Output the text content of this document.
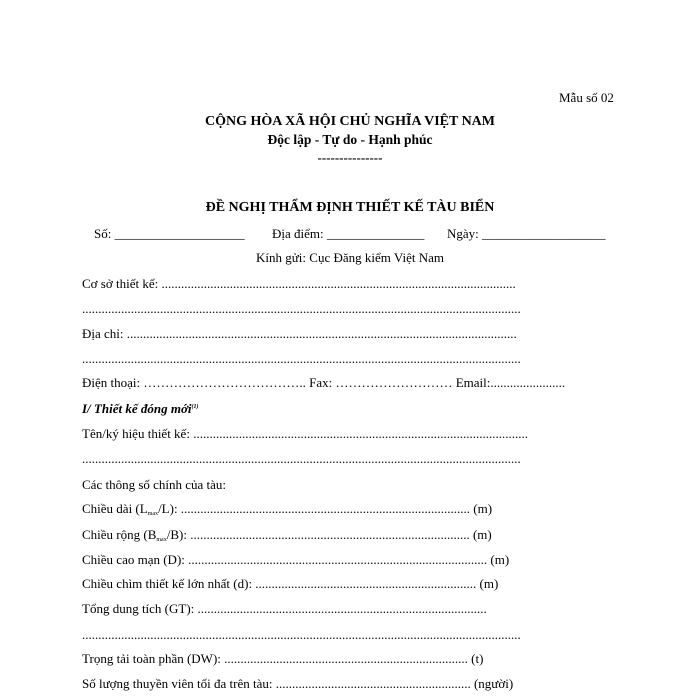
Mẫu số 02
CỘNG HÒA XÃ HỘI CHỦ NGHĨA VIỆT NAM
Độc lập - Tự do - Hạnh phúc
---------------
ĐỀ NGHỊ THẨM ĐỊNH THIẾT KẾ TÀU BIỂN
Số: ____________________ Địa điểm: _______________ Ngày: ___________________
Kính gửi: Cục Đăng kiểm Việt Nam
Cơ sở thiết kế: .............................................................................................................
.......................................................................................................................................
Địa chỉ: ........................................................................................................................
.......................................................................................................................................
Điện thoại: ……………………………….. Fax: ……………………… Email:.......................
I/ Thiết kế đóng mới$^{(1)}$
Tên/ký hiệu thiết kế: .......................................................................................................
.......................................................................................................................................
Các thông số chính của tàu:
Chiều dài $(L_{max}/L)$: ......................................................................................... (m)
Chiều rộng $(B_{max}/B)$: ...................................................................................... (m)
Chiều cao mạn (D): ............................................................................................ (m)
Chiều chìm thiết kế lớn nhất (d): .................................................................... (m)
Tổng dung tích (GT): .........................................................................................
.......................................................................................................................................
Trọng tải toàn phần (DW): ........................................................................... (t)
Số lượng thuyền viên tối đa trên tàu: ............................................................ (người)
